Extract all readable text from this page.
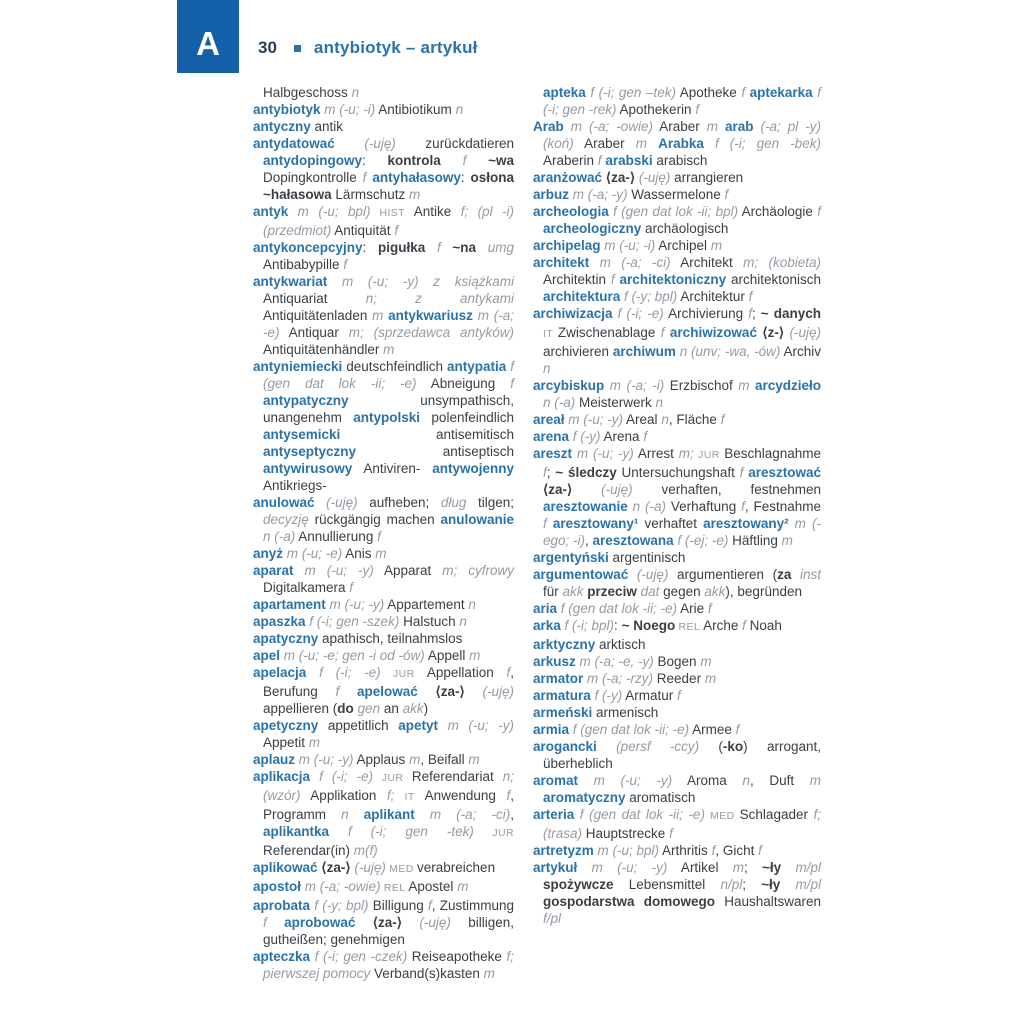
A	30 antybiotyk – artykuł

Halbgeschoss n

antybiotyk m (-u; -i) Antibiotikum n

antyczny antik

antydatować (-uję) zurückdatieren antydopingowy: kontrola f ~wa Dopingkontrolle f antyhałasowy: osłona ~hałasowa Lärmschutz m

antyk m (-u; bpl) HIST Antike f; (pl -i) (przedmiot) Antiquität f

antykoncepcyjny: pigułka f ~na umg Antibabypille f

antykwariat m (-u; -y) z książkami Antiquariat n; z antykami Antiquitätenladen m antykwariusz m (-a; -e) Antiquar m; (sprzedawca antyków) Antiquitätenhändler m

antyniemiecki deutschfeindlich antypatia f (gen dat lok -ii; -e) Abneigung f antypatyczny unsympathisch, unangenehm antypolski polenfeindlich antysemicki antisemitisch antyseptyczny antiseptisch antywirusowy Antiviren- antywojenny Antikriegs-

anulować (-uję) aufheben; dług tilgen; decyzję rückgängig machen anulowanie n (-a) Annullierung f

anyż m (-u; -e) Anis m

aparat m (-u; -y) Apparat m; cyfrowy Digitalkamera f

apartament m (-u; -y) Appartement n

apaszka f (-i; gen -szek) Halstuch n

apatyczny apathisch, teilnahmslos

apel m (-u; -e; gen -i od -ów) Appell m

apelacja f (-i; -e) JUR Appellation f, Berufung f apelować ⟨za-⟩ (-uję) appellieren (do gen an akk)

apetyczny appetitlich apetyt m (-u; -y) Appetit m

aplauz m (-u; -y) Applaus m, Beifall m

aplikacja f (-i; -e) JUR Referendariat n; (wzór) Applikation f; IT Anwendung f, Programm n aplikant m (-a; -ci), aplikantka f (-i; gen -tek) JUR Referendar(in) m(f)

aplikować ⟨za-⟩ (-uję) MED verabreichen

apostoł m (-a; -owie) REL Apostel m

aprobata f (-y; bpl) Billigung f, Zustimmung f aprobować ⟨za-⟩ (-uję) billigen, gutheißen; genehmigen

apteczka f (-i; gen -czek) Reiseapotheke f; pierwszej pomocy Verband(s)kasten m

apteka f (-i; gen –tek) Apotheke f aptekarka f (-i; gen -rek) Apothekerin f

Arab m (-a; -owie) Araber m arab (-a; pl -y) (koń) Araber m Arabka f (-i; gen -bek) Araberin f arabski arabisch

aranżować ⟨za-⟩ (-uję) arrangieren

arbuz m (-a; -y) Wassermelone f

archeologia f (gen dat lok -ii; bpl) Archäologie f archeologiczny archäologisch

archipelag m (-u; -i) Archipel m

architekt m (-a; -ci) Architekt m; (kobieta) Architektin f architektoniczny architektonisch architektura f (-y; bpl) Architektur f

archiwizacja f (-i; -e) Archivierung f; ~ danych IT Zwischenablage f archiwizować ⟨z-⟩ (-uję) archivieren archiwum n (unv; -wa, -ów) Archiv n

arcybiskup m (-a; -i) Erzbischof m arcydzieło n (-a) Meisterwerk n

areał m (-u; -y) Areal n, Fläche f

arena f (-y) Arena f

areszt m (-u; -y) Arrest m; JUR Beschlagnahme f; ~ śledczy Untersuchungshaft f aresztować ⟨za-⟩ (-uję) verhaften, festnehmen aresztowanie n (-a) Verhaftung f, Festnahme f aresztowany¹ verhaftet aresztowany² m (-ego; -i), aresztowana f (-ej; -e) Häftling m

argentyński argentinisch

argumentować (-uję) argumentieren (za inst für akk przeciw dat gegen akk), begründen

aria f (gen dat lok -ii; -e) Arie f

arka f (-i; bpl): ~ Noego REL Arche f Noah

arktyczny arktisch

arkusz m (-a; -e, -y) Bogen m

armator m (-a; -rzy) Reeder m

armatura f (-y) Armatur f

armeński armenisch

armia f (gen dat lok -ii; -e) Armee f

arogancki (persf -ccy) (-ko) arrogant, überheblich

aromat m (-u; -y) Aroma n, Duft m aromatyczny aromatisch

arteria f (gen dat lok -ii; -e) MED Schlagader f; (trasa) Hauptstrecke f

artretyzm m (-u; bpl) Arthritis f, Gicht f

artykuł m (-u; -y) Artikel m; ~ły m/pl spożywcze Lebensmittel n/pl; ~ły m/pl gospodarstwa domowego Haushaltswaren f/pl
